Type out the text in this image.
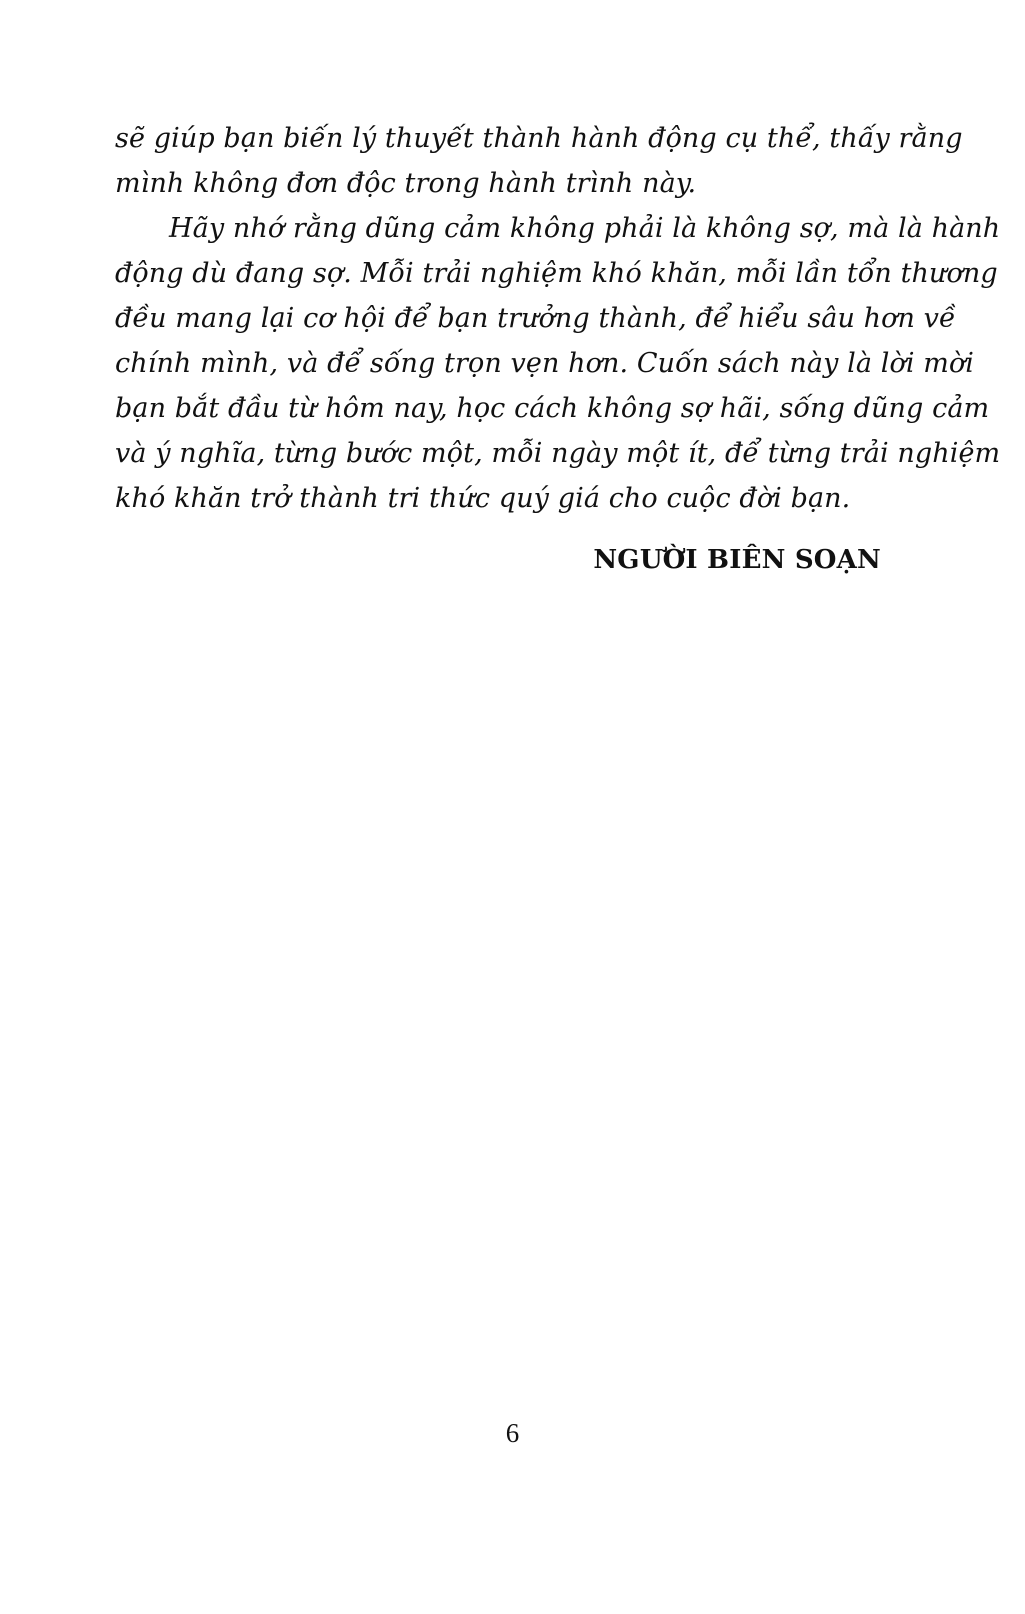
sẽ giúp bạn biến lý thuyết thành hành động cụ thể, thấy rằng
mình không đơn độc trong hành trình này.
Hãy nhớ rằng dũng cảm không phải là không sợ, mà là hành
động dù đang sợ. Mỗi trải nghiệm khó khăn, mỗi lần tổn thương
đều mang lại cơ hội để bạn trưởng thành, để hiểu sâu hơn về
chính mình, và để sống trọn vẹn hơn. Cuốn sách này là lời mời
bạn bắt đầu từ hôm nay, học cách không sợ hãi, sống dũng cảm
và ý nghĩa, từng bước một, mỗi ngày một ít, để từng trải nghiệm
khó khăn trở thành tri thức quý giá cho cuộc đời bạn.
NGƯỜI BIÊN SOẠN
6
